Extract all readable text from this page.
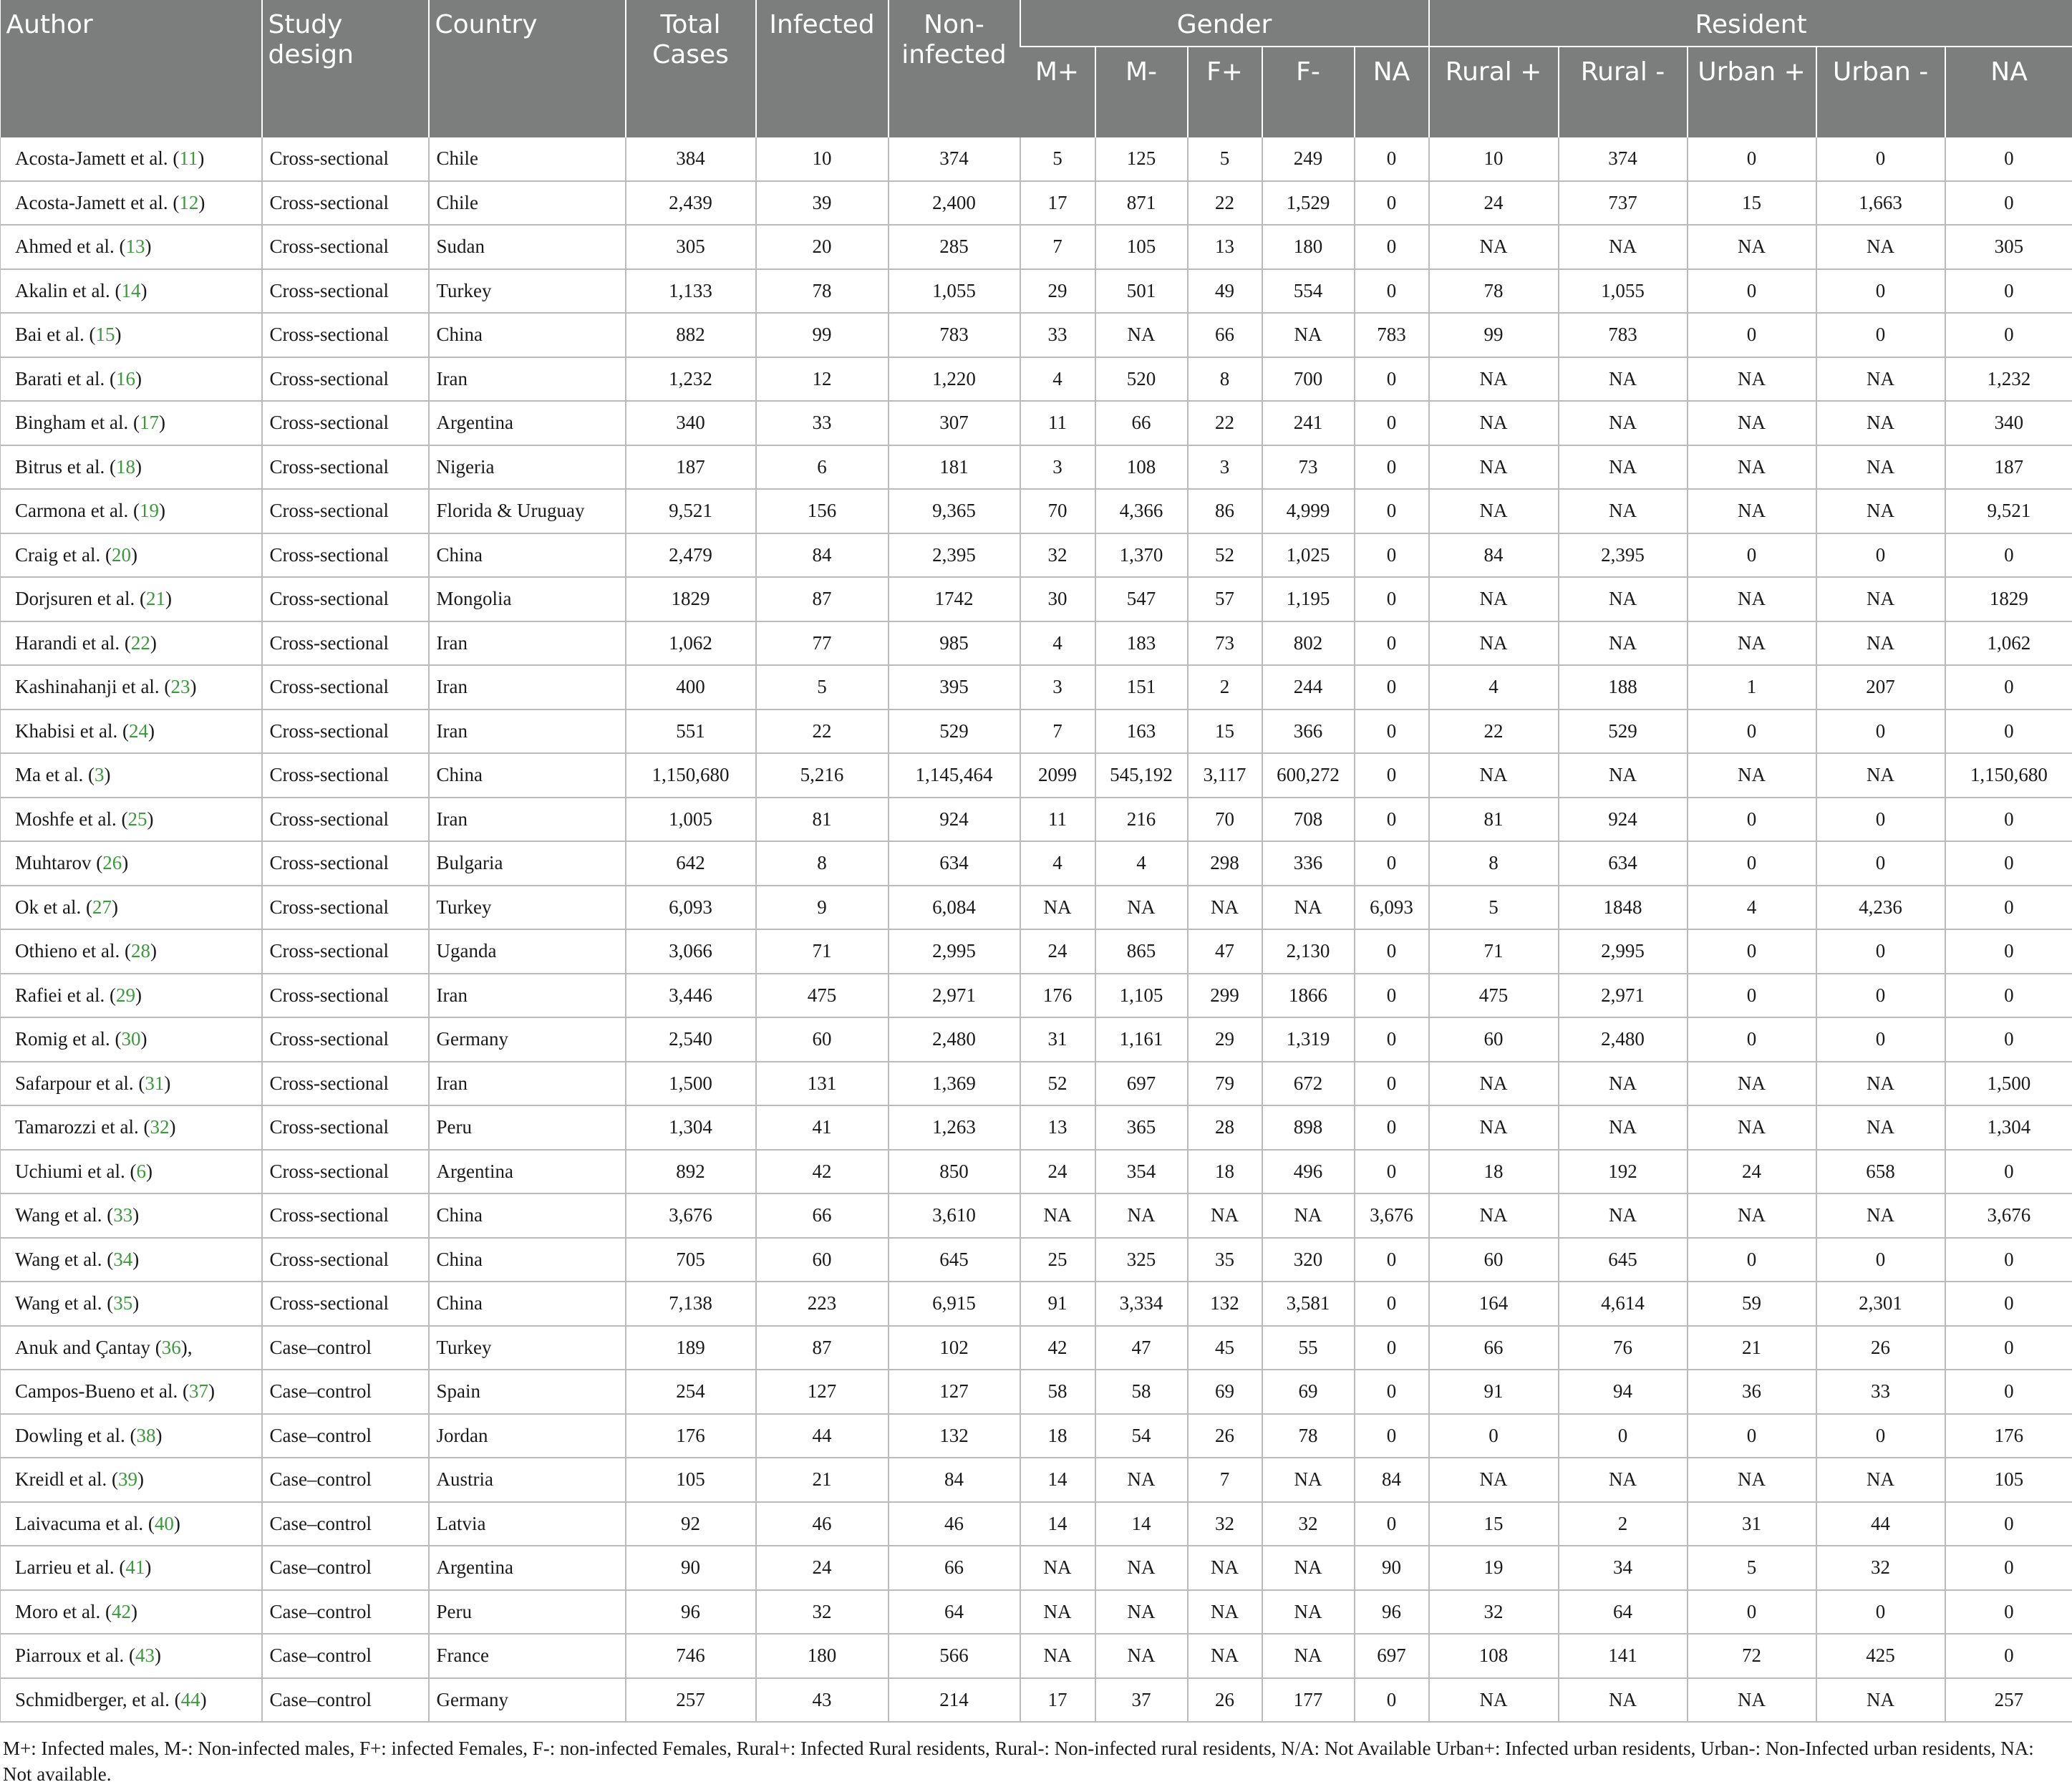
Author	Study design	Country	Total Cases	Infected	Non-infected	Gender					Resident				
						M+	M-	F+	F-	NA	Rural +	Rural -	Urban +	Urban -	NA
Acosta-Jamett et al. (11)	Cross-sectional	Chile	384	10	374	5	125	5	249	0	10	374	0	0	0
Acosta-Jamett et al. (12)	Cross-sectional	Chile	2,439	39	2,400	17	871	22	1,529	0	24	737	15	1,663	0
Ahmed et al. (13)	Cross-sectional	Sudan	305	20	285	7	105	13	180	0	NA	NA	NA	NA	305
Akalin et al. (14)	Cross-sectional	Turkey	1,133	78	1,055	29	501	49	554	0	78	1,055	0	0	0
Bai et al. (15)	Cross-sectional	China	882	99	783	33	NA	66	NA	783	99	783	0	0	0
Barati et al. (16)	Cross-sectional	Iran	1,232	12	1,220	4	520	8	700	0	NA	NA	NA	NA	1,232
Bingham et al. (17)	Cross-sectional	Argentina	340	33	307	11	66	22	241	0	NA	NA	NA	NA	340
Bitrus et al. (18)	Cross-sectional	Nigeria	187	6	181	3	108	3	73	0	NA	NA	NA	NA	187
Carmona et al. (19)	Cross-sectional	Florida & Uruguay	9,521	156	9,365	70	4,366	86	4,999	0	NA	NA	NA	NA	9,521
Craig et al. (20)	Cross-sectional	China	2,479	84	2,395	32	1,370	52	1,025	0	84	2,395	0	0	0
Dorjsuren et al. (21)	Cross-sectional	Mongolia	1829	87	1742	30	547	57	1,195	0	NA	NA	NA	NA	1829
Harandi et al. (22)	Cross-sectional	Iran	1,062	77	985	4	183	73	802	0	NA	NA	NA	NA	1,062
Kashinahanji et al. (23)	Cross-sectional	Iran	400	5	395	3	151	2	244	0	4	188	1	207	0
Khabisi et al. (24)	Cross-sectional	Iran	551	22	529	7	163	15	366	0	22	529	0	0	0
Ma et al. (3)	Cross-sectional	China	1,150,680	5,216	1,145,464	2099	545,192	3,117	600,272	0	NA	NA	NA	NA	1,150,680
Moshfe et al. (25)	Cross-sectional	Iran	1,005	81	924	11	216	70	708	0	81	924	0	0	0
Muhtarov (26)	Cross-sectional	Bulgaria	642	8	634	4	4	298	336	0	8	634	0	0	0
Ok et al. (27)	Cross-sectional	Turkey	6,093	9	6,084	NA	NA	NA	NA	6,093	5	1848	4	4,236	0
Othieno et al. (28)	Cross-sectional	Uganda	3,066	71	2,995	24	865	47	2,130	0	71	2,995	0	0	0
Rafiei et al. (29)	Cross-sectional	Iran	3,446	475	2,971	176	1,105	299	1866	0	475	2,971	0	0	0
Romig et al. (30)	Cross-sectional	Germany	2,540	60	2,480	31	1,161	29	1,319	0	60	2,480	0	0	0
Safarpour et al. (31)	Cross-sectional	Iran	1,500	131	1,369	52	697	79	672	0	NA	NA	NA	NA	1,500
Tamarozzi et al. (32)	Cross-sectional	Peru	1,304	41	1,263	13	365	28	898	0	NA	NA	NA	NA	1,304
Uchiumi et al. (6)	Cross-sectional	Argentina	892	42	850	24	354	18	496	0	18	192	24	658	0
Wang et al. (33)	Cross-sectional	China	3,676	66	3,610	NA	NA	NA	NA	3,676	NA	NA	NA	NA	3,676
Wang et al. (34)	Cross-sectional	China	705	60	645	25	325	35	320	0	60	645	0	0	0
Wang et al. (35)	Cross-sectional	China	7,138	223	6,915	91	3,334	132	3,581	0	164	4,614	59	2,301	0
Anuk and Çantay (36),	Case–control	Turkey	189	87	102	42	47	45	55	0	66	76	21	26	0
Campos-Bueno et al. (37)	Case–control	Spain	254	127	127	58	58	69	69	0	91	94	36	33	0
Dowling et al. (38)	Case–control	Jordan	176	44	132	18	54	26	78	0	0	0	0	0	176
Kreidl et al. (39)	Case–control	Austria	105	21	84	14	NA	7	NA	84	NA	NA	NA	NA	105
Laivacuma et al. (40)	Case–control	Latvia	92	46	46	14	14	32	32	0	15	2	31	44	0
Larrieu et al. (41)	Case–control	Argentina	90	24	66	NA	NA	NA	NA	90	19	34	5	32	0
Moro et al. (42)	Case–control	Peru	96	32	64	NA	NA	NA	NA	96	32	64	0	0	0
Piarroux et al. (43)	Case–control	France	746	180	566	NA	NA	NA	NA	697	108	141	72	425	0
Schmidberger, et al. (44)	Case–control	Germany	257	43	214	17	37	26	177	0	NA	NA	NA	NA	257
M+: Infected males, M-: Non-infected males, F+: infected Females, F-: non-infected Females, Rural+: Infected Rural residents, Rural-: Non-infected rural residents, N/A: Not Available Urban+: Infected urban residents, Urban-: Non-Infected urban residents, NA: Not available.
